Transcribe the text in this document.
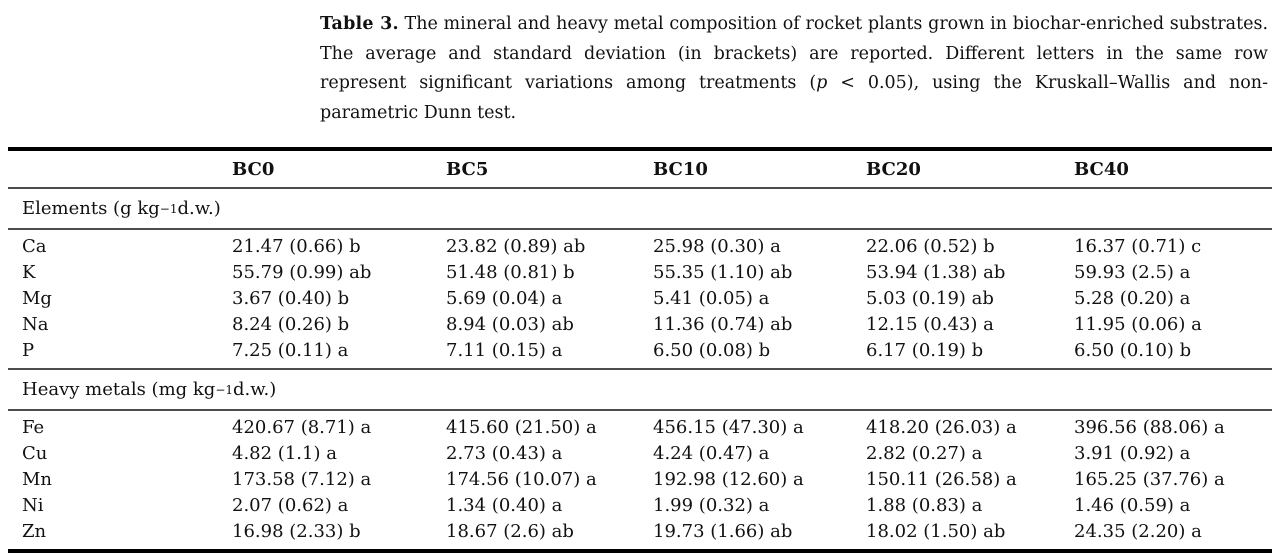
Table 3. The mineral and heavy metal composition of rocket plants grown in biochar-enriched substrates. The average and standard deviation (in brackets) are reported. Different letters in the same row represent significant variations among treatments (p < 0.05), using the Kruskall–Wallis and non-parametric Dunn test.

BC0	BC5	BC10	BC20	BC40
Elements (g kg −1 d.w.)
Ca	21.47 (0.66) b	23.82 (0.89) ab	25.98 (0.30) a	22.06 (0.52) b	16.37 (0.71) c
K	55.79 (0.99) ab	51.48 (0.81) b	55.35 (1.10) ab	53.94 (1.38) ab	59.93 (2.5) a
Mg	3.67 (0.40) b	5.69 (0.04) a	5.41 (0.05) a	5.03 (0.19) ab	5.28 (0.20) a
Na	8.24 (0.26) b	8.94 (0.03) ab	11.36 (0.74) ab	12.15 (0.43) a	11.95 (0.06) a
P	7.25 (0.11) a	7.11 (0.15) a	6.50 (0.08) b	6.17 (0.19) b	6.50 (0.10) b
Heavy metals (mg kg −1 d.w.)
Fe	420.67 (8.71) a	415.60 (21.50) a	456.15 (47.30) a	418.20 (26.03) a	396.56 (88.06) a
Cu	4.82 (1.1) a	2.73 (0.43) a	4.24 (0.47) a	2.82 (0.27) a	3.91 (0.92) a
Mn	173.58 (7.12) a	174.56 (10.07) a	192.98 (12.60) a	150.11 (26.58) a	165.25 (37.76) a
Ni	2.07 (0.62) a	1.34 (0.40) a	1.99 (0.32) a	1.88 (0.83) a	1.46 (0.59) a
Zn	16.98 (2.33) b	18.67 (2.6) ab	19.73 (1.66) ab	18.02 (1.50) ab	24.35 (2.20) a
